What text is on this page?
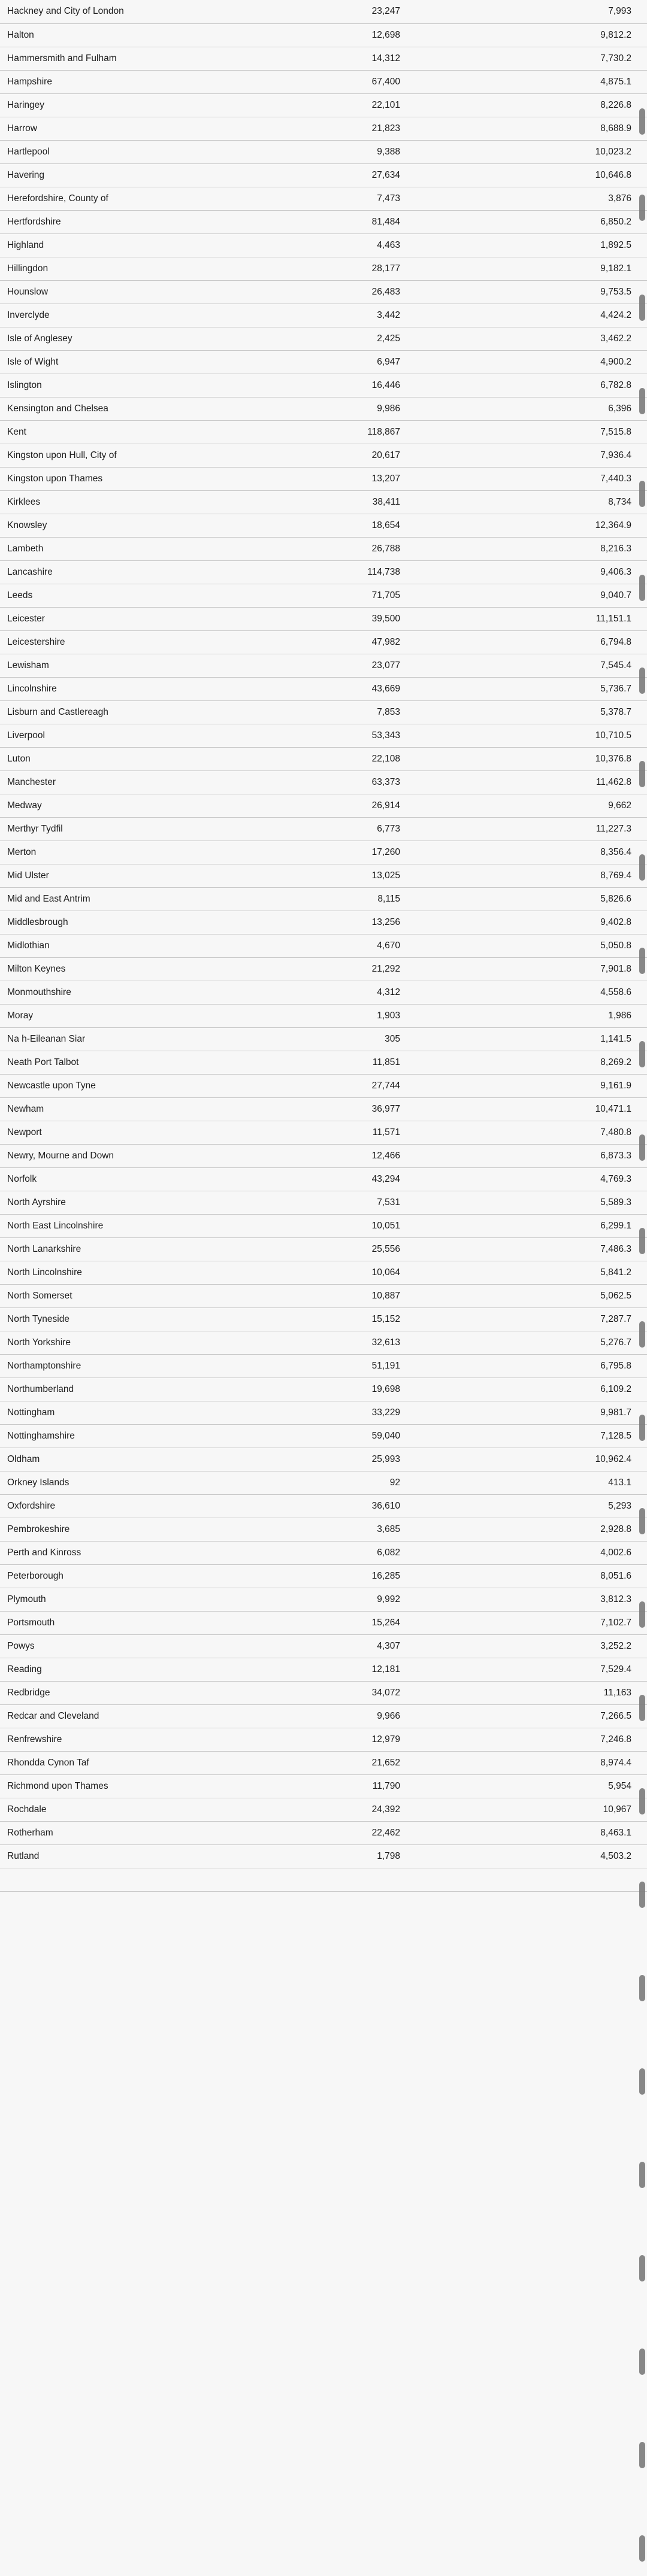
Hackney and City of London	23,247	7,993
Halton	12,698	9,812.2
Hammersmith and Fulham	14,312	7,730.2
Hampshire	67,400	4,875.1
Haringey	22,101	8,226.8
Harrow	21,823	8,688.9
Hartlepool	9,388	10,023.2
Havering	27,634	10,646.8
Herefordshire, County of	7,473	3,876
Hertfordshire	81,484	6,850.2
Highland	4,463	1,892.5
Hillingdon	28,177	9,182.1
Hounslow	26,483	9,753.5
Inverclyde	3,442	4,424.2
Isle of Anglesey	2,425	3,462.2
Isle of Wight	6,947	4,900.2
Islington	16,446	6,782.8
Kensington and Chelsea	9,986	6,396
Kent	118,867	7,515.8
Kingston upon Hull, City of	20,617	7,936.4
Kingston upon Thames	13,207	7,440.3
Kirklees	38,411	8,734
Knowsley	18,654	12,364.9
Lambeth	26,788	8,216.3
Lancashire	114,738	9,406.3
Leeds	71,705	9,040.7
Leicester	39,500	11,151.1
Leicestershire	47,982	6,794.8
Lewisham	23,077	7,545.4
Lincolnshire	43,669	5,736.7
Lisburn and Castlereagh	7,853	5,378.7
Liverpool	53,343	10,710.5
Luton	22,108	10,376.8
Manchester	63,373	11,462.8
Medway	26,914	9,662
Merthyr Tydfil	6,773	11,227.3
Merton	17,260	8,356.4
Mid Ulster	13,025	8,769.4
Mid and East Antrim	8,115	5,826.6
Middlesbrough	13,256	9,402.8
Midlothian	4,670	5,050.8
Milton Keynes	21,292	7,901.8
Monmouthshire	4,312	4,558.6
Moray	1,903	1,986
Na h-Eileanan Siar	305	1,141.5
Neath Port Talbot	11,851	8,269.2
Newcastle upon Tyne	27,744	9,161.9
Newham	36,977	10,471.1
Newport	11,571	7,480.8
Newry, Mourne and Down	12,466	6,873.3
Norfolk	43,294	4,769.3
North Ayrshire	7,531	5,589.3
North East Lincolnshire	10,051	6,299.1
North Lanarkshire	25,556	7,486.3
North Lincolnshire	10,064	5,841.2
North Somerset	10,887	5,062.5
North Tyneside	15,152	7,287.7
North Yorkshire	32,613	5,276.7
Northamptonshire	51,191	6,795.8
Northumberland	19,698	6,109.2
Nottingham	33,229	9,981.7
Nottinghamshire	59,040	7,128.5
Oldham	25,993	10,962.4
Orkney Islands	92	413.1
Oxfordshire	36,610	5,293
Pembrokeshire	3,685	2,928.8
Perth and Kinross	6,082	4,002.6
Peterborough	16,285	8,051.6
Plymouth	9,992	3,812.3
Portsmouth	15,264	7,102.7
Powys	4,307	3,252.2
Reading	12,181	7,529.4
Redbridge	34,072	11,163
Redcar and Cleveland	9,966	7,266.5
Renfrewshire	12,979	7,246.8
Rhondda Cynon Taf	21,652	8,974.4
Richmond upon Thames	11,790	5,954
Rochdale	24,392	10,967
Rotherham	22,462	8,463.1
Rutland	1,798	4,503.2
